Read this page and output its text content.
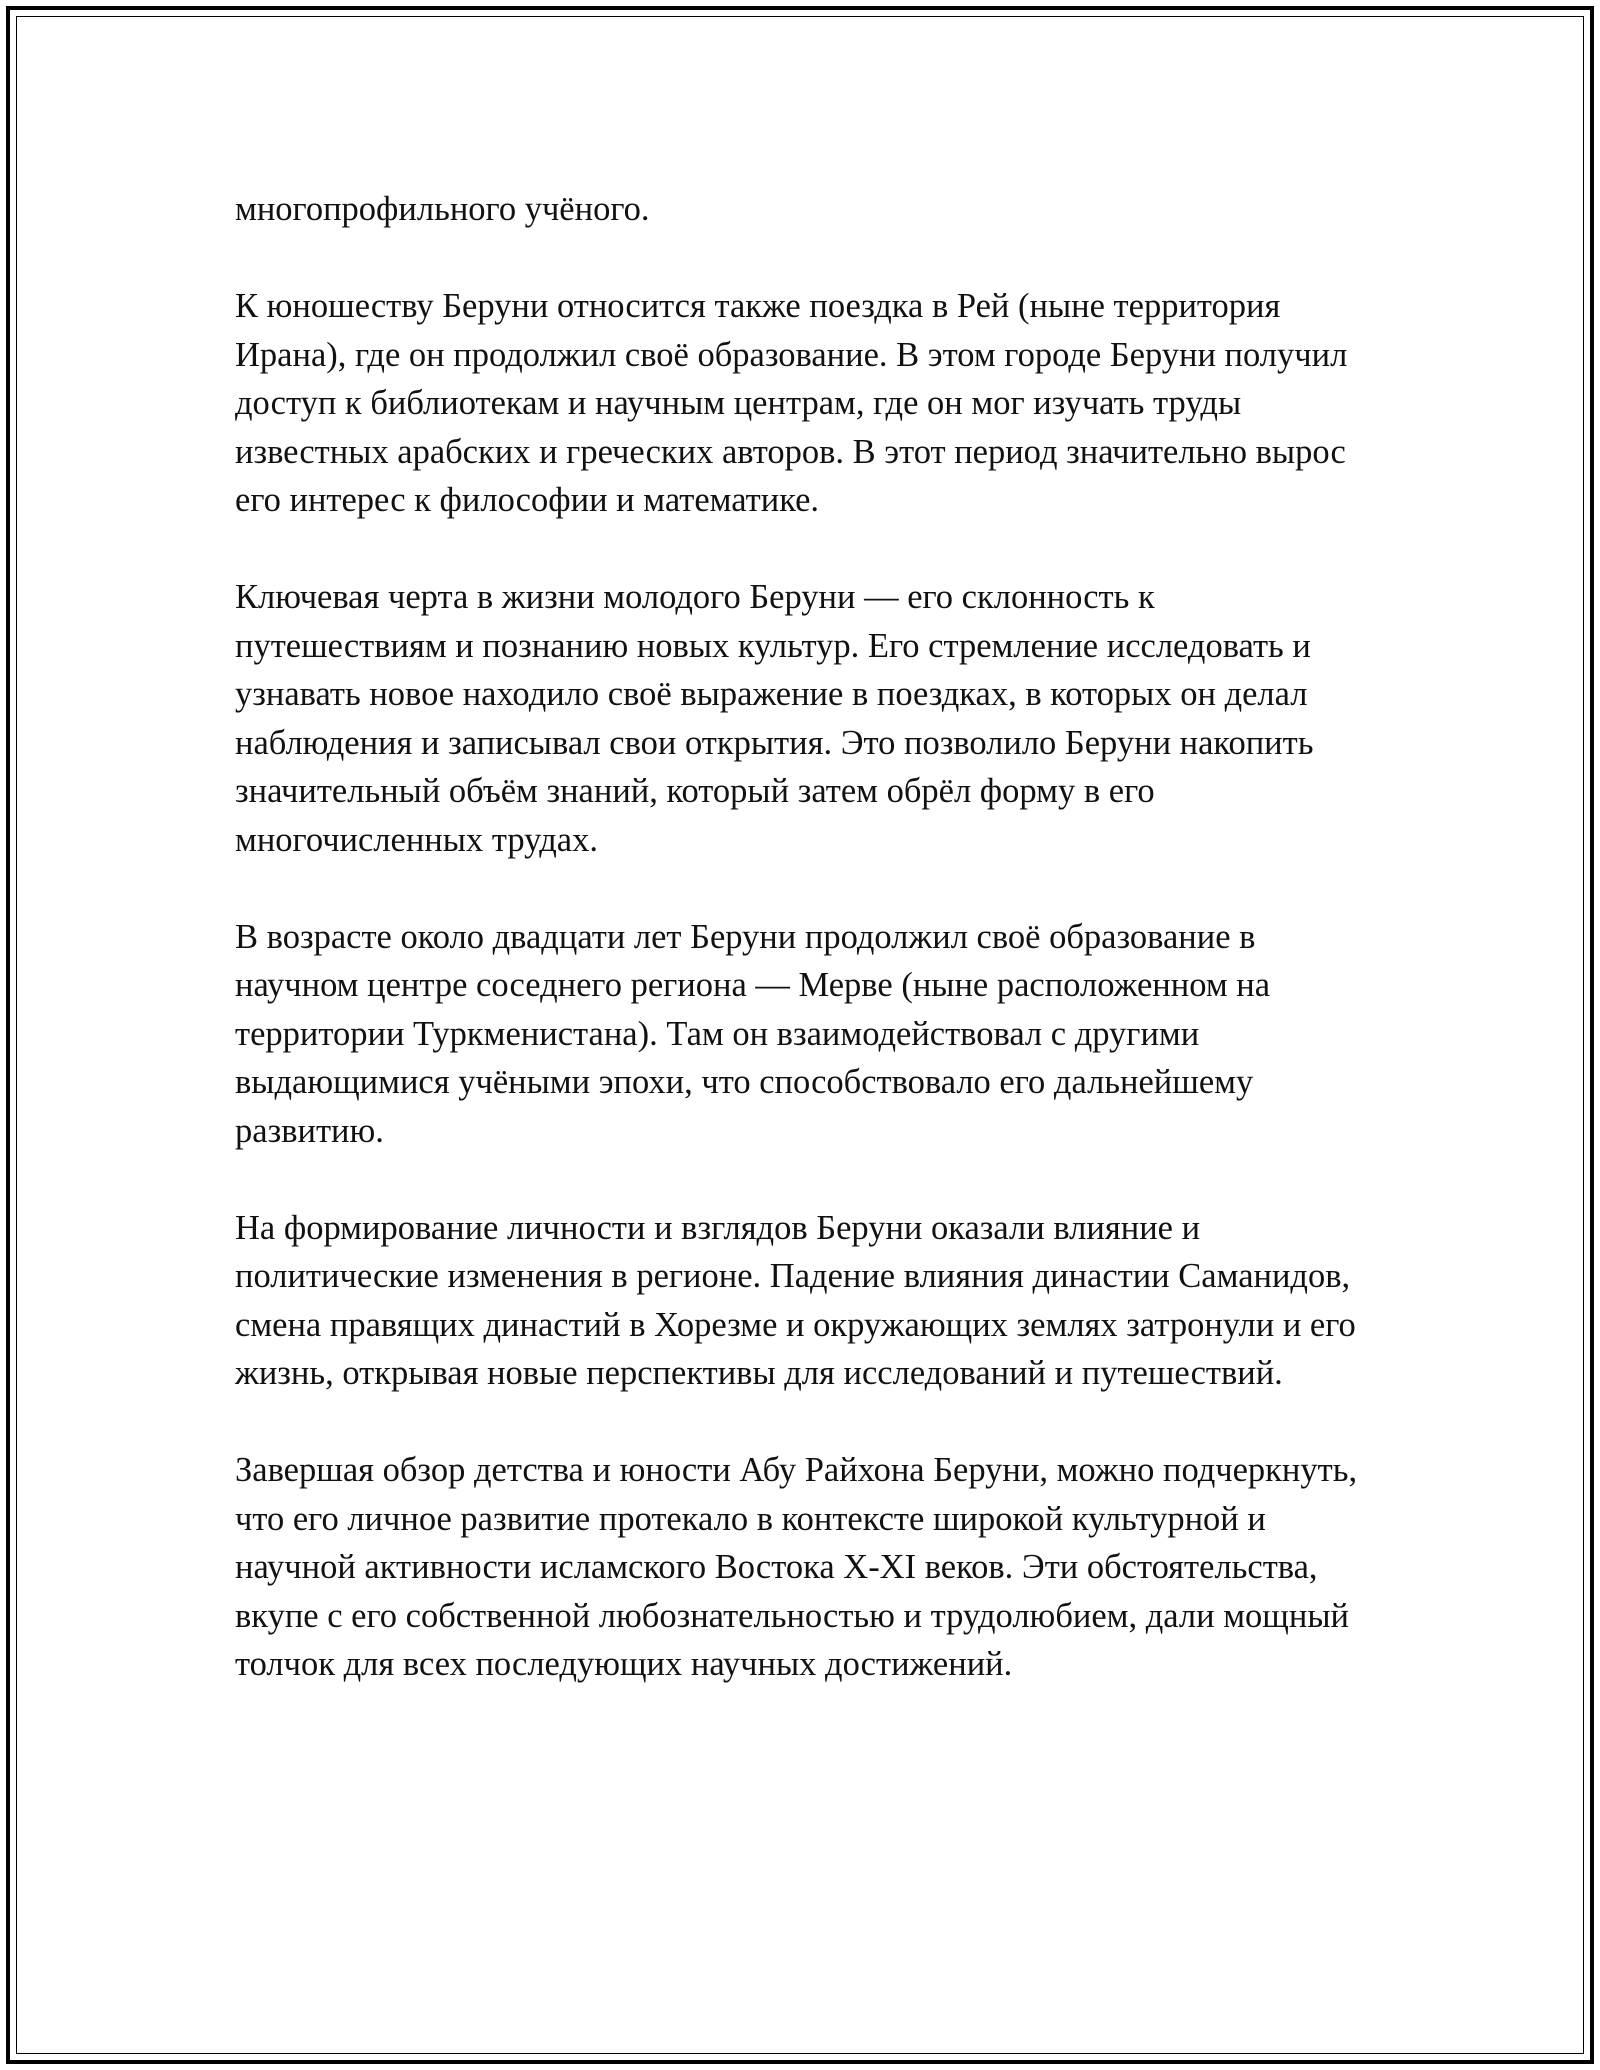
многопрофильного учёного.

К юношеству Беруни относится также поездка в Рей (ныне территория Ирана), где он продолжил своё образование. В этом городе Беруни получил доступ к библиотекам и научным центрам, где он мог изучать труды известных арабских и греческих авторов. В этот период значительно вырос его интерес к философии и математике.

Ключевая черта в жизни молодого Беруни — его склонность к путешествиям и познанию новых культур. Его стремление исследовать и узнавать новое находило своё выражение в поездках, в которых он делал наблюдения и записывал свои открытия. Это позволило Беруни накопить значительный объём знаний, который затем обрёл форму в его многочисленных трудах.

В возрасте около двадцати лет Беруни продолжил своё образование в научном центре соседнего региона — Мерве (ныне расположенном на территории Туркменистана). Там он взаимодействовал с другими выдающимися учёными эпохи, что способствовало его дальнейшему развитию.

На формирование личности и взглядов Беруни оказали влияние и политические изменения в регионе. Падение влияния династии Саманидов, смена правящих династий в Хорезме и окружающих землях затронули и его жизнь, открывая новые перспективы для исследований и путешествий.

Завершая обзор детства и юности Абу Райхона Беруни, можно подчеркнуть, что его личное развитие протекало в контексте широкой культурной и научной активности исламского Востока X-XI веков. Эти обстоятельства, вкупе с его собственной любознательностью и трудолюбием, дали мощный толчок для всех последующих научных достижений.
